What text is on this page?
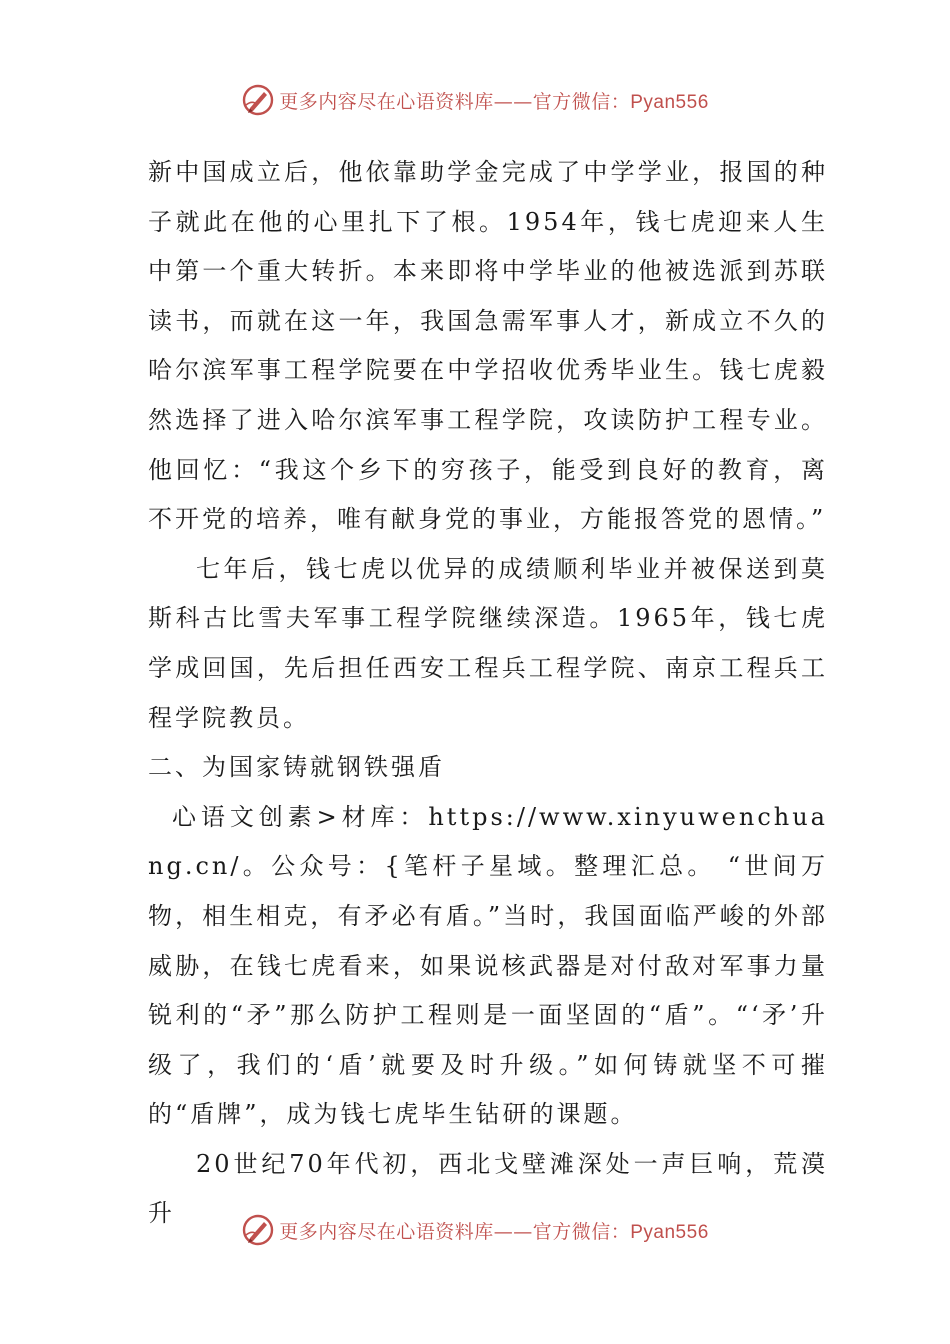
更多内容尽在心语资料库——官方微信：Pyan556

新中国成立后，他依靠助学金完成了中学学业，报国的种子就此在他的心里扎下了根。1954年，钱七虎迎来人生中第一个重大转折。本来即将中学毕业的他被选派到苏联读书，而就在这一年，我国急需军事人才，新成立不久的哈尔滨军事工程学院要在中学招收优秀毕业生。钱七虎毅然选择了进入哈尔滨军事工程学院，攻读防护工程专业。他回忆：“我这个乡下的穷孩子，能受到良好的教育，离不开党的培养，唯有献身党的事业，方能报答党的恩情。”

七年后，钱七虎以优异的成绩顺利毕业并被保送到莫斯科古比雪夫军事工程学院继续深造。1965年，钱七虎学成回国，先后担任西安工程兵工程学院、南京工程兵工程学院教员。

二、为国家铸就钢铁强盾

心语文创素>材库：https://www.xinyuwenchuang.cn/。公众号：{笔杆子星域。整理汇总。 “世间万物，相生相克，有矛必有盾。”当时，我国面临严峻的外部威胁，在钱七虎看来，如果说核武器是对付敌对军事力量锐利的“矛”那么防护工程则是一面坚固的“盾”。“‘矛’升级了，我们的‘盾’就要及时升级。”如何铸就坚不可摧的“盾牌”，成为钱七虎毕生钻研的课题。

20世纪70年代初，西北戈壁滩深处一声巨响，荒漠升

更多内容尽在心语资料库——官方微信：Pyan556
